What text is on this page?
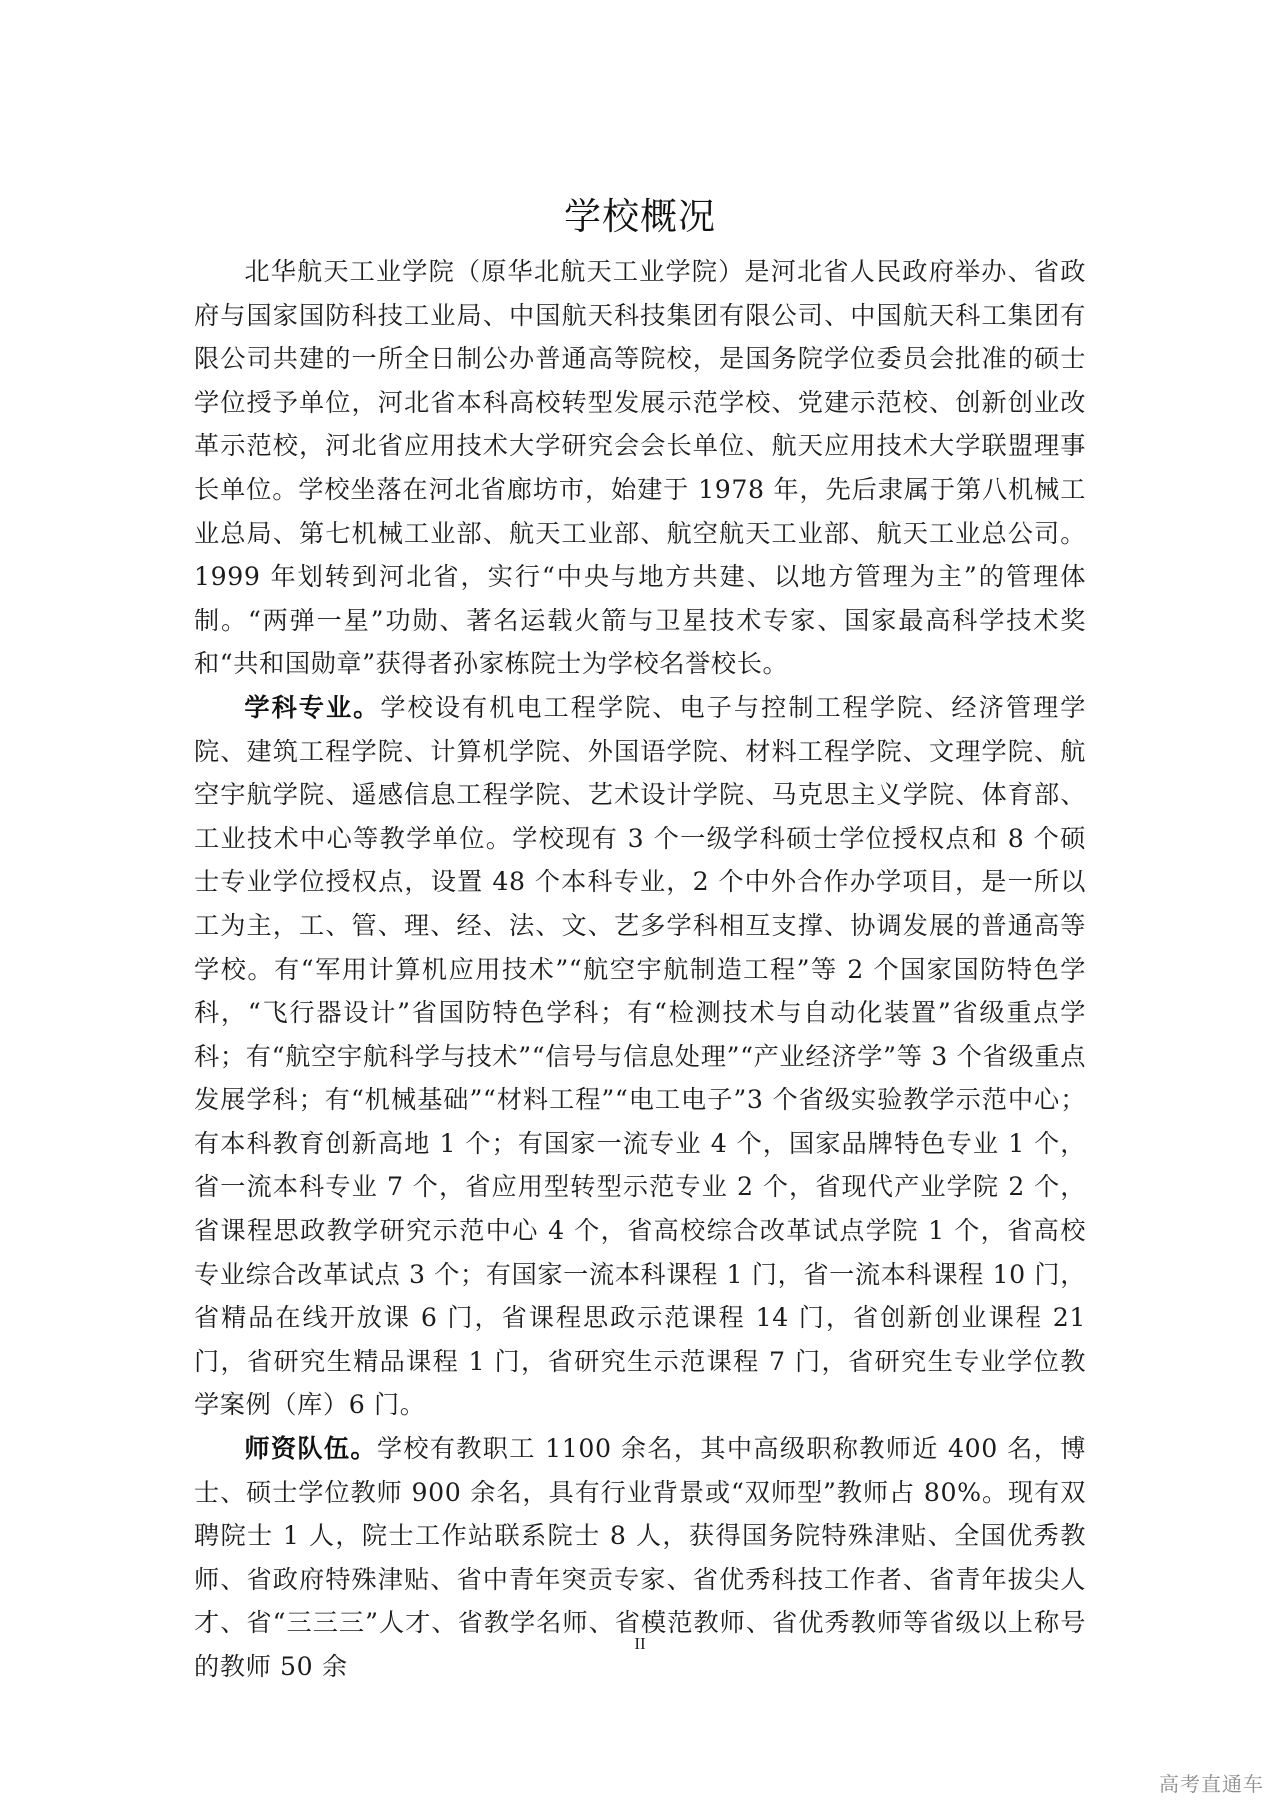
学校概况

北华航天工业学院（原华北航天工业学院）是河北省人民政府举办、省政府与国家国防科技工业局、中国航天科技集团有限公司、中国航天科工集团有限公司共建的一所全日制公办普通高等院校，是国务院学位委员会批准的硕士学位授予单位，河北省本科高校转型发展示范学校、党建示范校、创新创业改革示范校，河北省应用技术大学研究会会长单位、航天应用技术大学联盟理事长单位。学校坐落在河北省廊坊市，始建于 1978 年，先后隶属于第八机械工业总局、第七机械工业部、航天工业部、航空航天工业部、航天工业总公司。1999 年划转到河北省，实行“中央与地方共建、以地方管理为主”的管理体制。“两弹一星”功勋、著名运载火箭与卫星技术专家、国家最高科学技术奖和“共和国勋章”获得者孙家栋院士为学校名誉校长。

学科专业。学校设有机电工程学院、电子与控制工程学院、经济管理学院、建筑工程学院、计算机学院、外国语学院、材料工程学院、文理学院、航空宇航学院、遥感信息工程学院、艺术设计学院、马克思主义学院、体育部、工业技术中心等教学单位。学校现有 3 个一级学科硕士学位授权点和 8 个硕士专业学位授权点，设置 48 个本科专业，2 个中外合作办学项目，是一所以工为主，工、管、理、经、法、文、艺多学科相互支撑、协调发展的普通高等学校。有“军用计算机应用技术”“航空宇航制造工程”等 2 个国家国防特色学科，“飞行器设计”省国防特色学科；有“检测技术与自动化装置”省级重点学科；有“航空宇航科学与技术”“信号与信息处理”“产业经济学”等 3 个省级重点发展学科；有“机械基础”“材料工程”“电工电子”3 个省级实验教学示范中心；有本科教育创新高地 1 个；有国家一流专业 4 个，国家品牌特色专业 1 个，省一流本科专业 7 个，省应用型转型示范专业 2 个，省现代产业学院 2 个，省课程思政教学研究示范中心 4 个，省高校综合改革试点学院 1 个，省高校专业综合改革试点 3 个；有国家一流本科课程 1 门，省一流本科课程 10 门，省精品在线开放课 6 门，省课程思政示范课程 14 门，省创新创业课程 21 门，省研究生精品课程 1 门，省研究生示范课程 7 门，省研究生专业学位教学案例（库）6 门。

师资队伍。学校有教职工 1100 余名，其中高级职称教师近 400 名，博士、硕士学位教师 900 余名，具有行业背景或“双师型”教师占 80%。现有双聘院士 1 人，院士工作站联系院士 8 人，获得国务院特殊津贴、全国优秀教师、省政府特殊津贴、省中青年突贡专家、省优秀科技工作者、省青年拔尖人才、省“三三三”人才、省教学名师、省模范教师、省优秀教师等省级以上称号的教师 50 余

II
高考直通车
